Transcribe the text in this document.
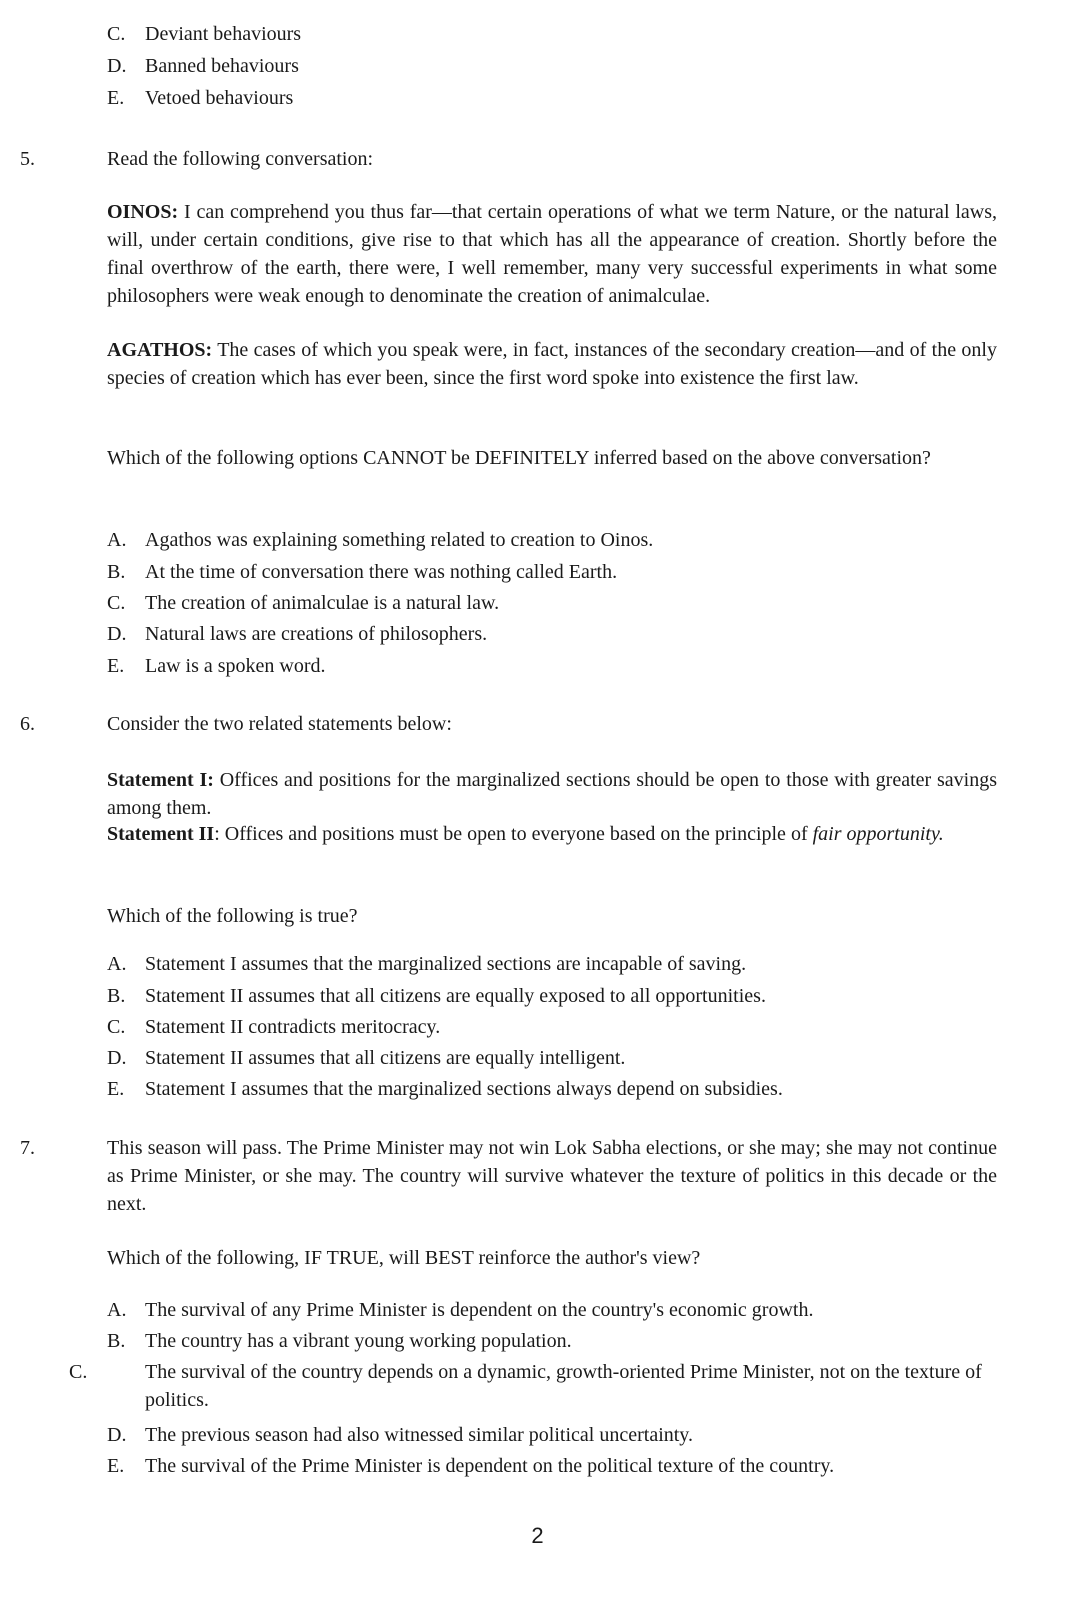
C. Deviant behaviours
D. Banned behaviours
E. Vetoed behaviours
5.	Read the following conversation:
OINOS: I can comprehend you thus far—that certain operations of what we term Nature, or the natural laws, will, under certain conditions, give rise to that which has all the appearance of creation. Shortly before the final overthrow of the earth, there were, I well remember, many very successful experiments in what some philosophers were weak enough to denominate the creation of animalculae.
AGATHOS: The cases of which you speak were, in fact, instances of the secondary creation—and of the only species of creation which has ever been, since the first word spoke into existence the first law.
Which of the following options CANNOT be DEFINITELY inferred based on the above conversation?
A. Agathos was explaining something related to creation to Oinos.
B. At the time of conversation there was nothing called Earth.
C. The creation of animalculae is a natural law.
D. Natural laws are creations of philosophers.
E. Law is a spoken word.
6.	Consider the two related statements below:
Statement I: Offices and positions for the marginalized sections should be open to those with greater savings among them.
Statement II: Offices and positions must be open to everyone based on the principle of fair opportunity.
Which of the following is true?
A. Statement I assumes that the marginalized sections are incapable of saving.
B. Statement II assumes that all citizens are equally exposed to all opportunities.
C. Statement II contradicts meritocracy.
D. Statement II assumes that all citizens are equally intelligent.
E. Statement I assumes that the marginalized sections always depend on subsidies.
7.	This season will pass. The Prime Minister may not win Lok Sabha elections, or she may; she may not continue as Prime Minister, or she may. The country will survive whatever the texture of politics in this decade or the next.
Which of the following, IF TRUE, will BEST reinforce the author's view?
A. The survival of any Prime Minister is dependent on the country's economic growth.
B. The country has a vibrant young working population.
C.	The survival of the country depends on a dynamic, growth-oriented Prime Minister, not on the texture of politics.
D. The previous season had also witnessed similar political uncertainty.
E. The survival of the Prime Minister is dependent on the political texture of the country.
2
